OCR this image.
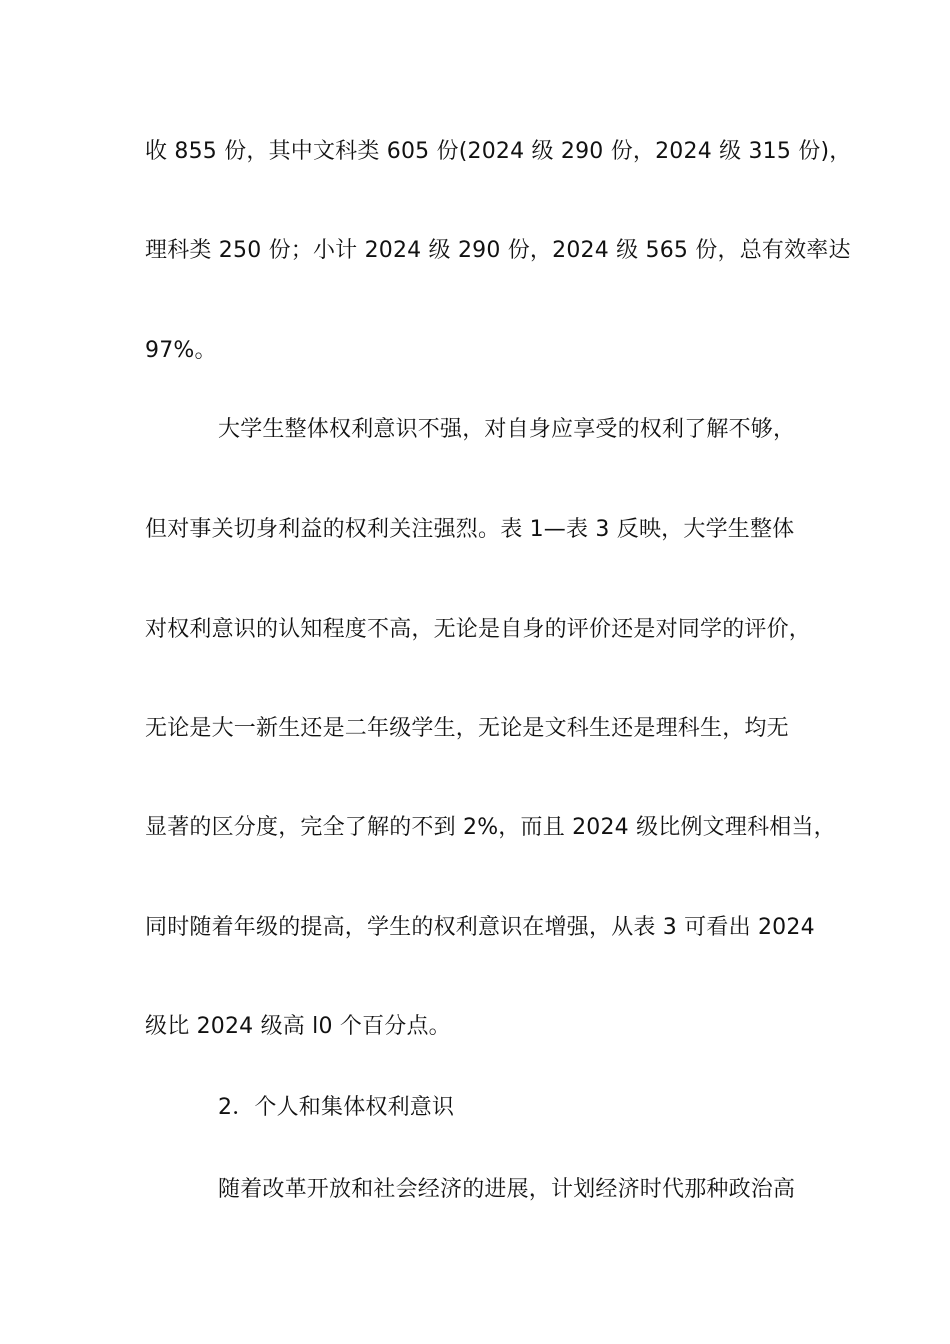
收 855 份，其中文科类 605 份(2024 级 290 份，2024 级 315 份)，
理科类 250 份；小计 2024 级 290 份，2024 级 565 份，总有效率达
97%。
大学生整体权利意识不强，对自身应享受的权利了解不够，
但对事关切身利益的权利关注强烈。表 1—表 3 反映，大学生整体
对权利意识的认知程度不高，无论是自身的评价还是对同学的评价，
无论是大一新生还是二年级学生，无论是文科生还是理科生，均无
显著的区分度，完全了解的不到 2%，而且 2024 级比例文理科相当，
同时随着年级的提高，学生的权利意识在增强，从表 3 可看出 2024
级比 2024 级高 l0 个百分点。
2．个人和集体权利意识
随着改革开放和社会经济的进展，计划经济时代那种政治高
